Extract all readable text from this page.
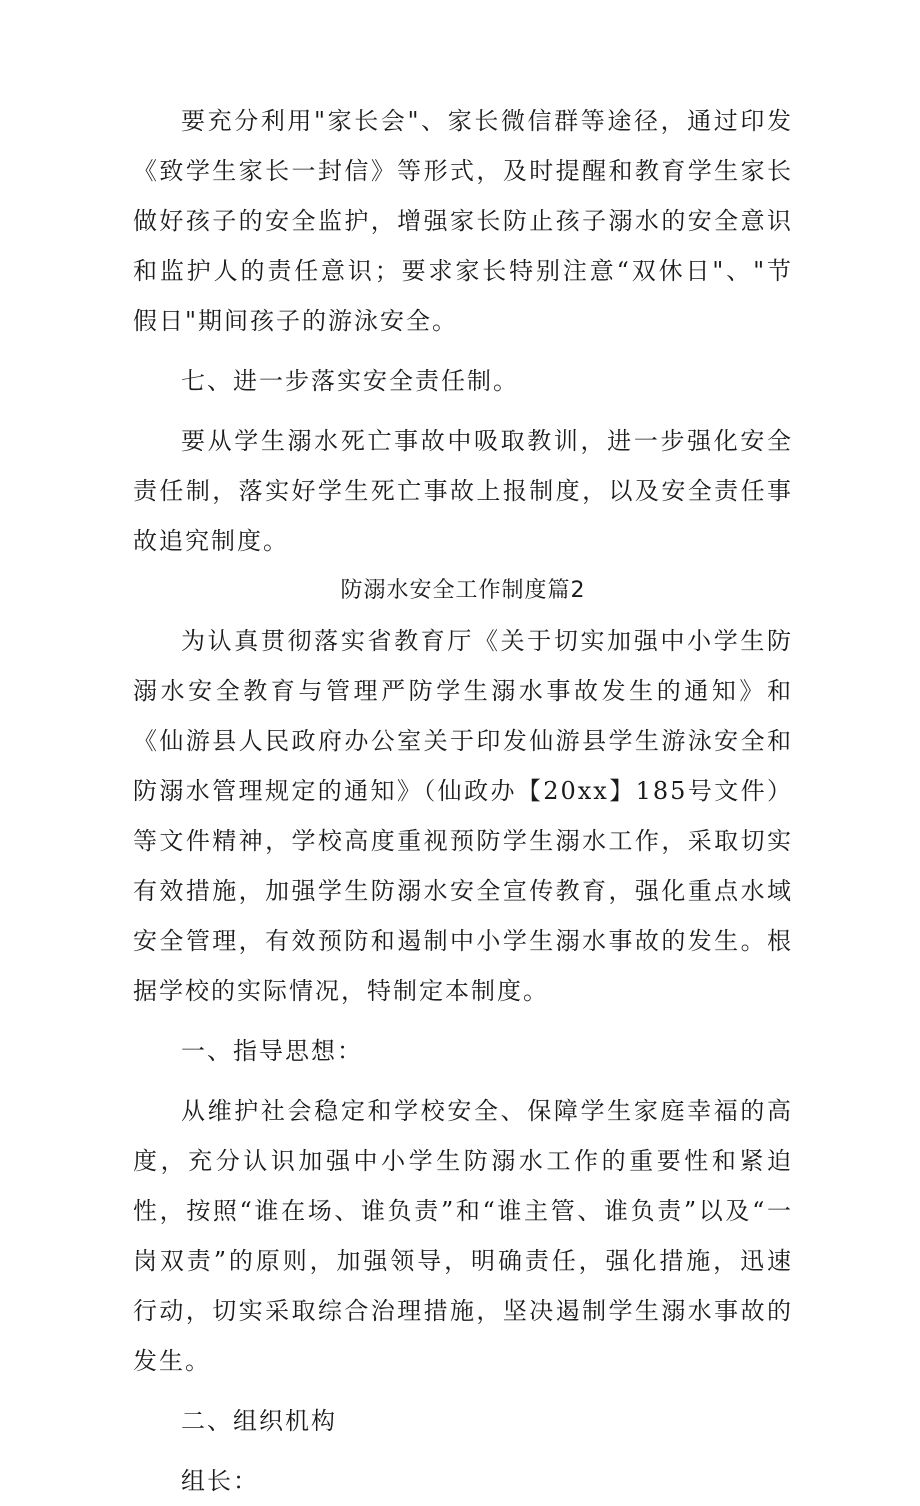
要充分利用"家长会"、家长微信群等途径，通过印发《致学生家长一封信》等形式，及时提醒和教育学生家长做好孩子的安全监护，增强家长防止孩子溺水的安全意识和监护人的责任意识；要求家长特别注意“双休日"、"节假日"期间孩子的游泳安全。

七、进一步落实安全责任制。

要从学生溺水死亡事故中吸取教训，进一步强化安全责任制，落实好学生死亡事故上报制度，以及安全责任事故追究制度。

防溺水安全工作制度篇2

为认真贯彻落实省教育厅《关于切实加强中小学生防溺水安全教育与管理严防学生溺水事故发生的通知》和《仙游县人民政府办公室关于印发仙游县学生游泳安全和防溺水管理规定的通知》（仙政办【20xx】185号文件）等文件精神，学校高度重视预防学生溺水工作，采取切实有效措施，加强学生防溺水安全宣传教育，强化重点水域安全管理，有效预防和遏制中小学生溺水事故的发生。根据学校的实际情况，特制定本制度。

一、指导思想：

从维护社会稳定和学校安全、保障学生家庭幸福的高度，充分认识加强中小学生防溺水工作的重要性和紧迫性，按照“谁在场、谁负责”和“谁主管、谁负责”以及“一岗双责”的原则，加强领导，明确责任，强化措施，迅速行动，切实采取综合治理措施，坚决遏制学生溺水事故的发生。

二、组织机构

组长：
